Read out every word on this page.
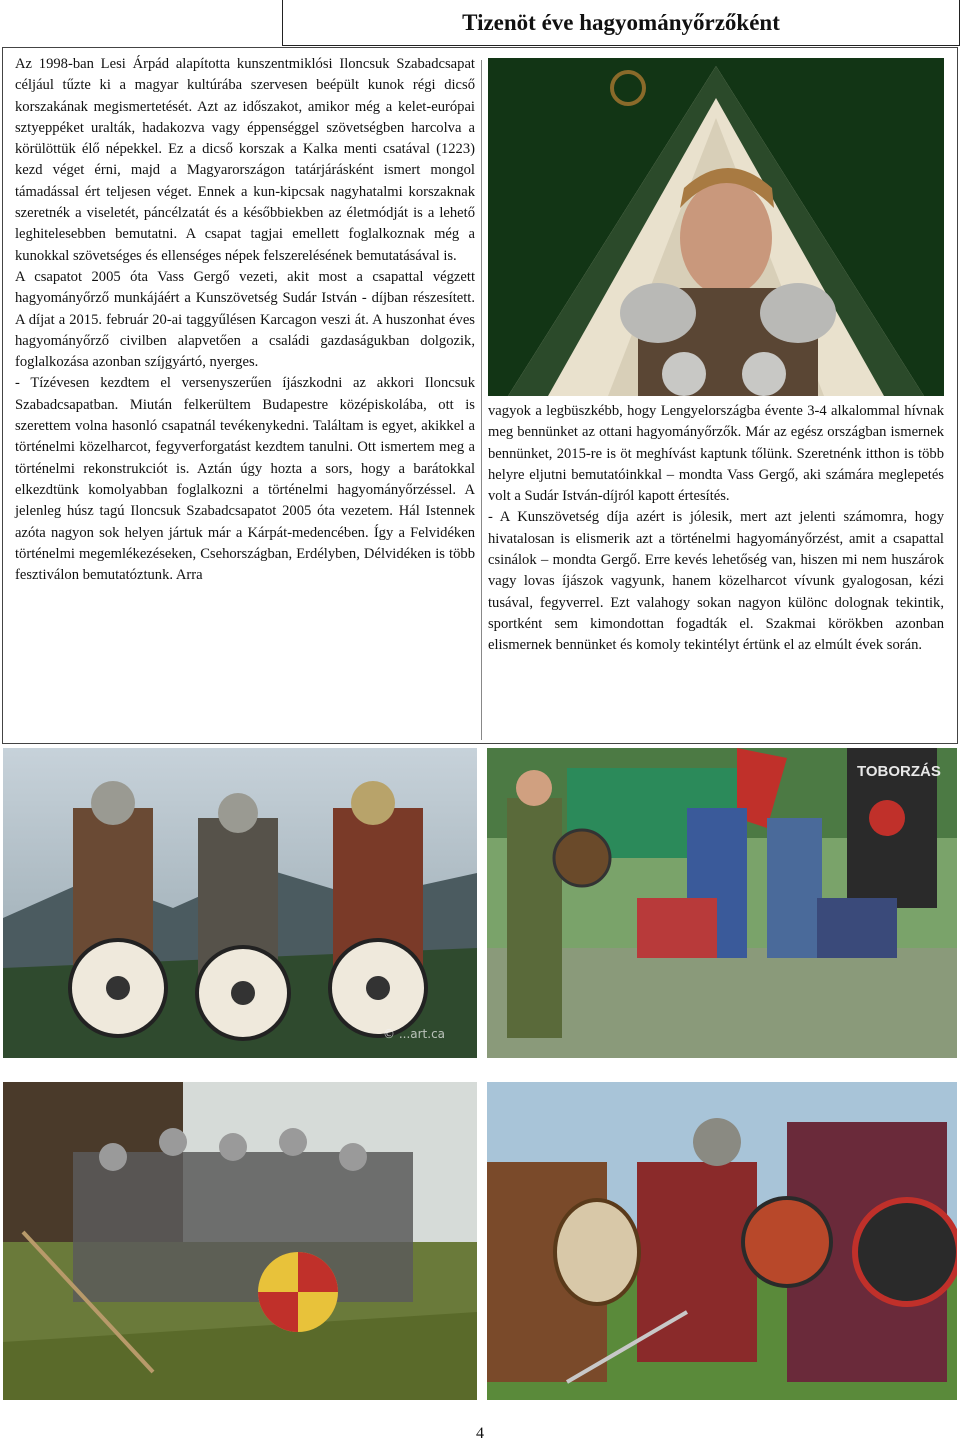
Tizenöt éve hagyományőrzőként

Az 1998-ban Lesi Árpád alapította kunszentmiklósi Iloncsuk Szabadcsapat céljául tűzte ki a magyar kultúrába szervesen beépült kunok régi dicső korszakának megismertetését. Azt az időszakot, amikor még a kelet-európai sztyeppéket uralták, hadakozva vagy éppenséggel szövetségben harcolva a körülöttük élő népekkel. Ez a dicső korszak a Kalka menti csatával (1223) kezd véget érni, majd a Magyarországon tatárjárásként ismert mongol támadással ért teljesen véget. Ennek a kun-kipcsak nagyhatalmi korszaknak szeretnék a viseletét, páncélzatát és a későbbiekben az életmódját is a lehető leghitelesebben bemutatni. A csapat tagjai emellett foglalkoznak még a kunokkal szövetséges és ellenséges népek felszerelésének bemutatásával is.

A csapatot 2005 óta Vass Gergő vezeti, akit most a csapattal végzett hagyományőrző munkájáért a Kunszövetség Sudár István - díjban részesített. A díjat a 2015. február 20-ai taggyűlésen Karcagon veszi át. A huszonhat éves hagyományőrző civilben alapvetően a családi gazdaságukban dolgozik, foglalkozása azonban szíjgyártó, nyerges.

- Tízévesen kezdtem el versenyszerűen íjászkodni az akkori Iloncsuk Szabadcsapatban. Miután felkerültem Budapestre középiskolába, ott is szerettem volna hasonló csapatnál tevékenykedni. Találtam is egyet, akikkel a történelmi közelharcot, fegyverforgatást kezdtem tanulni. Ott ismertem meg a történelmi rekonstrukciót is. Aztán úgy hozta a sors, hogy a barátokkal elkezdtünk komolyabban foglalkozni a történelmi hagyományőrzéssel. A jelenleg húsz tagú Iloncsuk Szabadcsapatot 2005 óta vezetem. Hál Istennek azóta nagyon sok helyen jártuk már a Kárpát-medencében. Így a Felvidéken történelmi megemlékezéseken, Csehországban, Erdélyben, Délvidéken is több fesztiválon bemutatóztunk. Arra

vagyok a legbüszkébb, hogy Lengyelországba évente 3-4 alkalommal hívnak meg bennünket az ottani hagyományőrzők. Már az egész országban ismernek bennünket, 2015-re is öt meghívást kaptunk tőlünk. Szeretnénk itthon is több helyre eljutni bemutatóinkkal – mondta Vass Gergő, aki számára meglepetés volt a Sudár István-díjról kapott értesítés.

- A Kunszövetség díja azért is jólesik, mert azt jelenti számomra, hogy hivatalosan is elismerik azt a történelmi hagyományőrzést, amit a csapattal csinálok – mondta Gergő. Erre kevés lehetőség van, hiszen mi nem huszárok vagy lovas íjászok vagyunk, hanem közelharcot vívunk gyalogosan, kézi tusával, fegyverrel. Ezt valahogy sokan nagyon különc dolognak tekintik, sportként sem kimondottan fogadták el. Szakmai körökben azonban elismernek bennünket és komoly tekintélyt értünk el az elmúlt évek során.

© ...art.ca
TOBORZÁS
4
